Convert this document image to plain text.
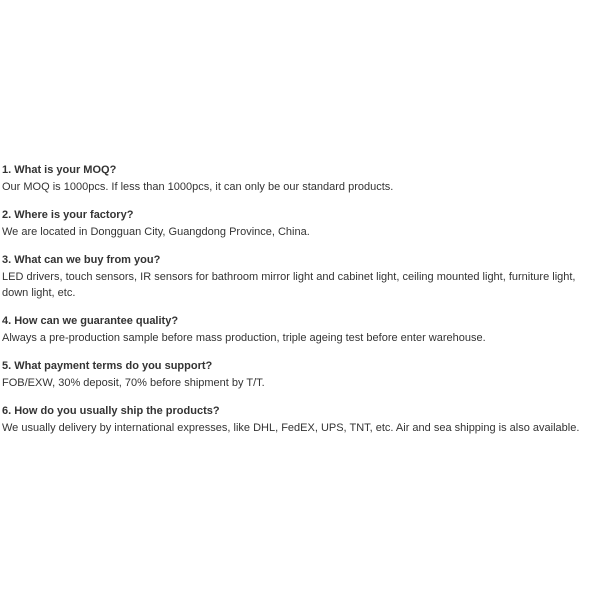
1. What is your MOQ?
Our MOQ is 1000pcs. If less than 1000pcs, it can only be our standard products.
2. Where is your factory?
We are located in Dongguan City, Guangdong Province, China.
3. What can we buy from you?
LED drivers, touch sensors, IR sensors for bathroom mirror light and cabinet light, ceiling mounted light, furniture light, down light, etc.
4. How can we guarantee quality?
Always a pre-production sample before mass production, triple ageing test before enter warehouse.
5. What payment terms do you support?
FOB/EXW, 30% deposit, 70% before shipment by T/T.
6. How do you usually ship the products?
We usually delivery by international expresses, like DHL, FedEX, UPS, TNT, etc. Air and sea shipping is also available.
